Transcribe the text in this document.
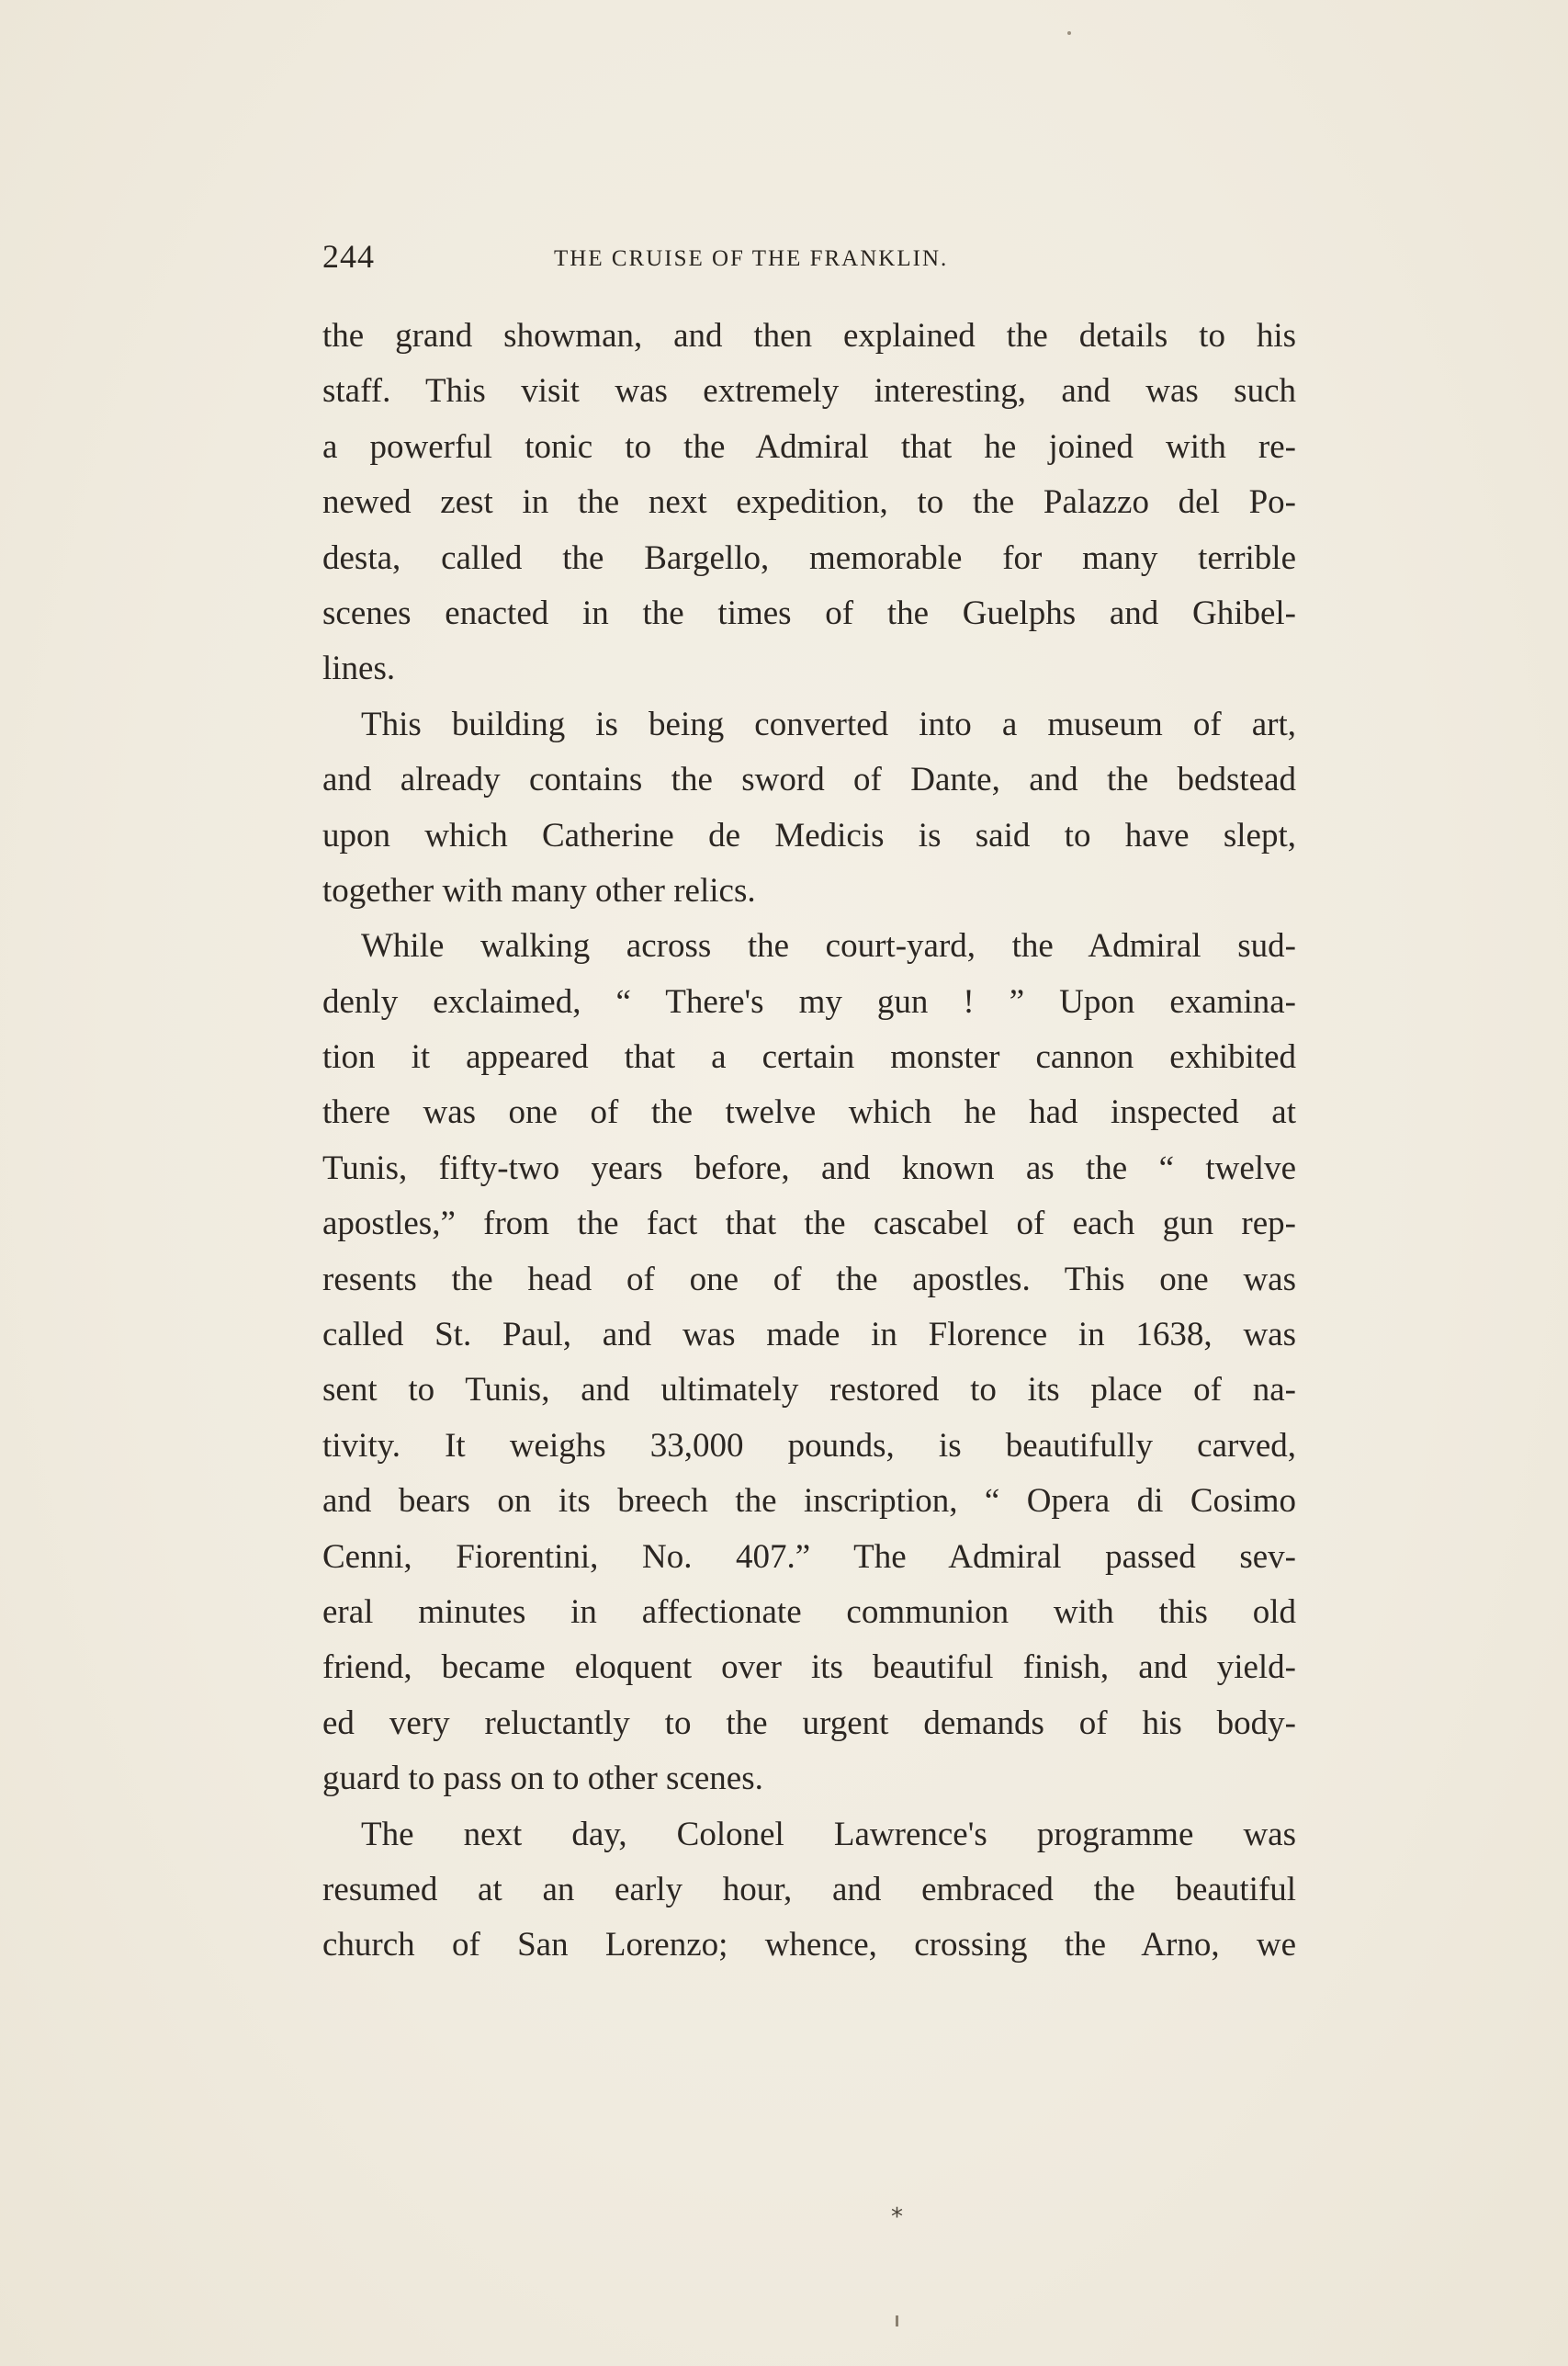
244	THE CRUISE OF THE FRANKLIN.
the grand showman, and then explained the details to his
staff. This visit was extremely interesting, and was such
a powerful tonic to the Admiral that he joined with re-
newed zest in the next expedition, to the Palazzo del Po-
desta, called the Bargello, memorable for many terrible
scenes enacted in the times of the Guelphs and Ghibel-
lines.
This building is being converted into a museum of art,
and already contains the sword of Dante, and the bedstead
upon which Catherine de Medicis is said to have slept,
together with many other relics.
While walking across the court-yard, the Admiral sud-
denly exclaimed, “ There's my gun ! ” Upon examina-
tion it appeared that a certain monster cannon exhibited
there was one of the twelve which he had inspected at
Tunis, fifty-two years before, and known as the “ twelve
apostles,” from the fact that the cascabel of each gun rep-
resents the head of one of the apostles. This one was
called St. Paul, and was made in Florence in 1638, was
sent to Tunis, and ultimately restored to its place of na-
tivity. It weighs 33,000 pounds, is beautifully carved,
and bears on its breech the inscription, “ Opera di Cosimo
Cenni, Fiorentini, No. 407.” The Admiral passed sev-
eral minutes in affectionate communion with this old
friend, became eloquent over its beautiful finish, and yield-
ed very reluctantly to the urgent demands of his body-
guard to pass on to other scenes.
The next day, Colonel Lawrence's programme was
resumed at an early hour, and embraced the beautiful
church of San Lorenzo; whence, crossing the Arno, we
*
